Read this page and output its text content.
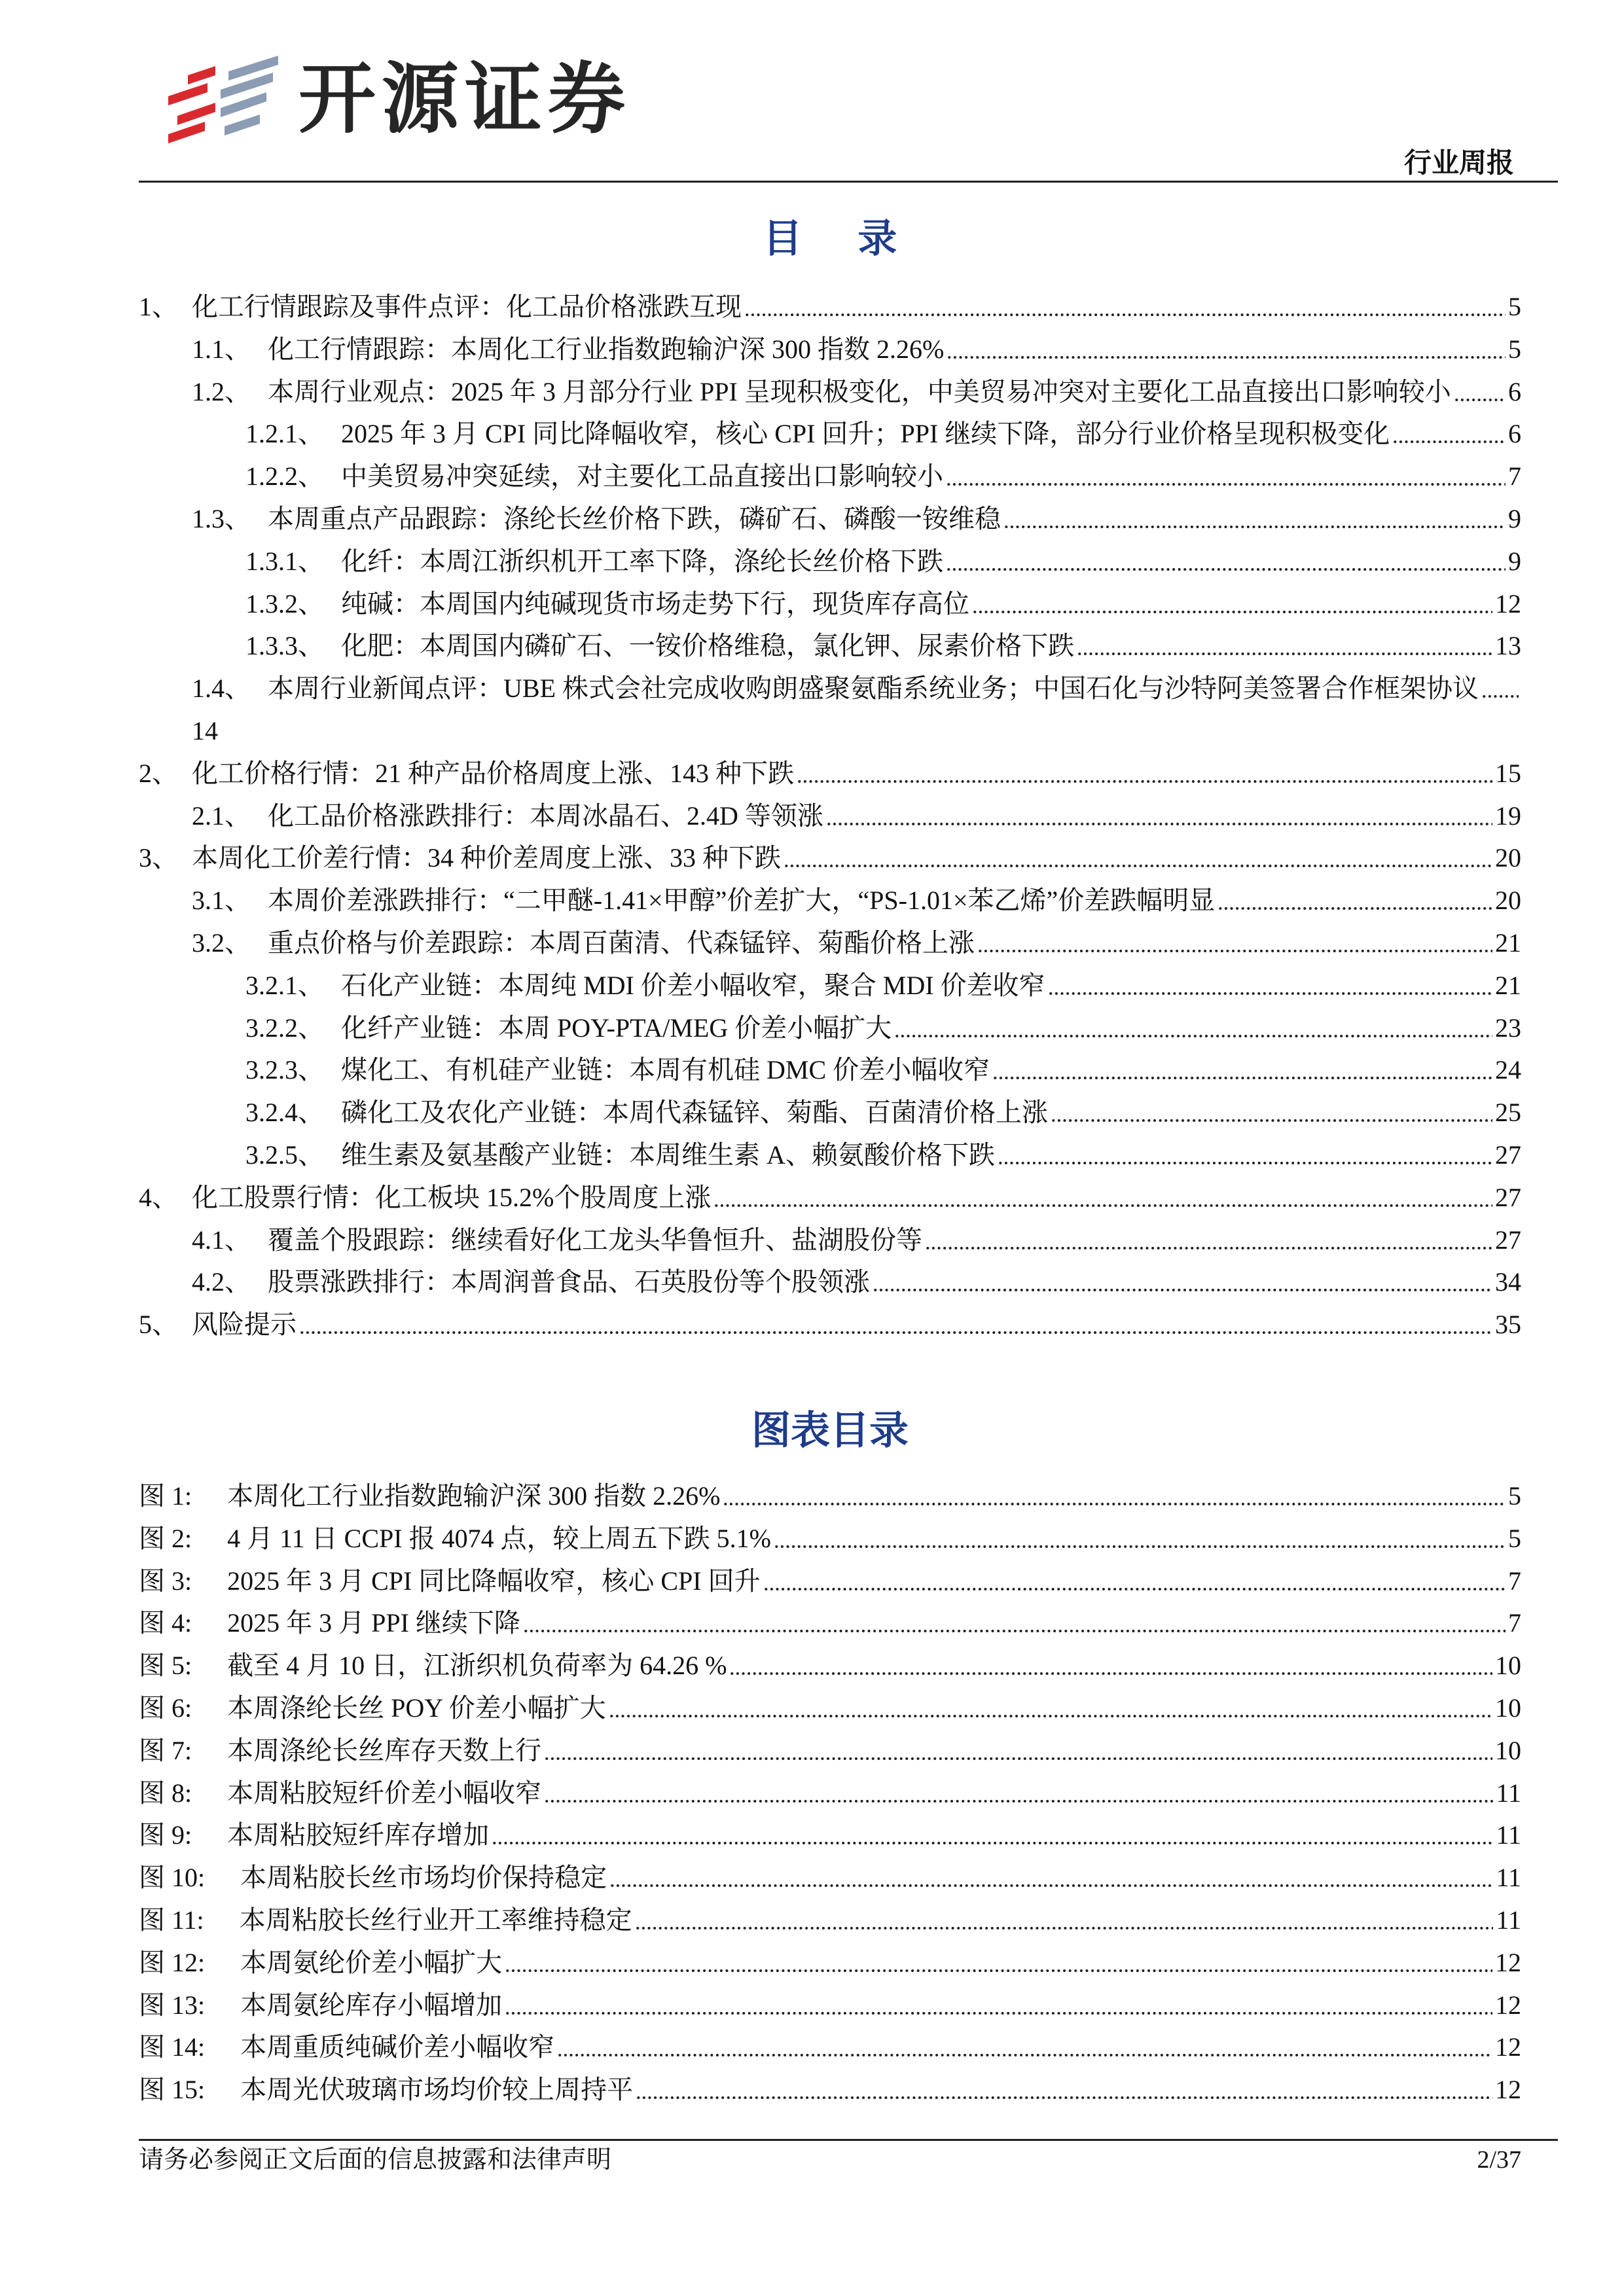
开源证券
行业周报
目 录
1、 化工行情跟踪及事件点评：化工品价格涨跌互现	5
1.1、 化工行情跟踪：本周化工行业指数跑输沪深 300 指数 2.26%	5
1.2、 本周行业观点：2025 年 3 月部分行业 PPI 呈现积极变化，中美贸易冲突对主要化工品直接出口影响较小 6
1.2.1、 2025 年 3 月 CPI 同比降幅收窄，核心 CPI 回升；PPI 继续下降，部分行业价格呈现积极变化	6
1.2.2、 中美贸易冲突延续，对主要化工品直接出口影响较小	7
1.3、 本周重点产品跟踪：涤纶长丝价格下跌，磷矿石、磷酸一铵维稳	9
1.3.1、 化纤：本周江浙织机开工率下降，涤纶长丝价格下跌	9
1.3.2、 纯碱：本周国内纯碱现货市场走势下行，现货库存高位	12
1.3.3、 化肥：本周国内磷矿石、一铵价格维稳，氯化钾、尿素价格下跌	13
1.4、 本周行业新闻点评：UBE 株式会社完成收购朗盛聚氨酯系统业务；中国石化与沙特阿美签署合作框架协议
14
2、 化工价格行情：21 种产品价格周度上涨、143 种下跌	15
2.1、 化工品价格涨跌排行：本周冰晶石、2.4D 等领涨	19
3、 本周化工价差行情：34 种价差周度上涨、33 种下跌	20
3.1、 本周价差涨跌排行：“二甲醚-1.41×甲醇”价差扩大，“PS-1.01×苯乙烯”价差跌幅明显	20
3.2、 重点价格与价差跟踪：本周百菌清、代森锰锌、菊酯价格上涨	21
3.2.1、 石化产业链：本周纯 MDI 价差小幅收窄，聚合 MDI 价差收窄	21
3.2.2、 化纤产业链：本周 POY-PTA/MEG 价差小幅扩大	23
3.2.3、 煤化工、有机硅产业链：本周有机硅 DMC 价差小幅收窄	24
3.2.4、 磷化工及农化产业链：本周代森锰锌、菊酯、百菌清价格上涨	25
3.2.5、 维生素及氨基酸产业链：本周维生素 A、赖氨酸价格下跌	27
4、 化工股票行情：化工板块 15.2%个股周度上涨	27
4.1、 覆盖个股跟踪：继续看好化工龙头华鲁恒升、盐湖股份等	27
4.2、 股票涨跌排行：本周润普食品、石英股份等个股领涨	34
5、 风险提示	35
图表目录
图 1: 本周化工行业指数跑输沪深 300 指数 2.26%	5
图 2: 4 月 11 日 CCPI 报 4074 点，较上周五下跌 5.1%	5
图 3: 2025 年 3 月 CPI 同比降幅收窄，核心 CPI 回升	7
图 4: 2025 年 3 月 PPI 继续下降	7
图 5: 截至 4 月 10 日，江浙织机负荷率为 64.26 %	10
图 6: 本周涤纶长丝 POY 价差小幅扩大	10
图 7: 本周涤纶长丝库存天数上行	10
图 8: 本周粘胶短纤价差小幅收窄	11
图 9: 本周粘胶短纤库存增加	11
图 10: 本周粘胶长丝市场均价保持稳定	11
图 11: 本周粘胶长丝行业开工率维持稳定	11
图 12: 本周氨纶价差小幅扩大	12
图 13: 本周氨纶库存小幅增加	12
图 14: 本周重质纯碱价差小幅收窄	12
图 15: 本周光伏玻璃市场均价较上周持平	12
请务必参阅正文后面的信息披露和法律声明	2/37
